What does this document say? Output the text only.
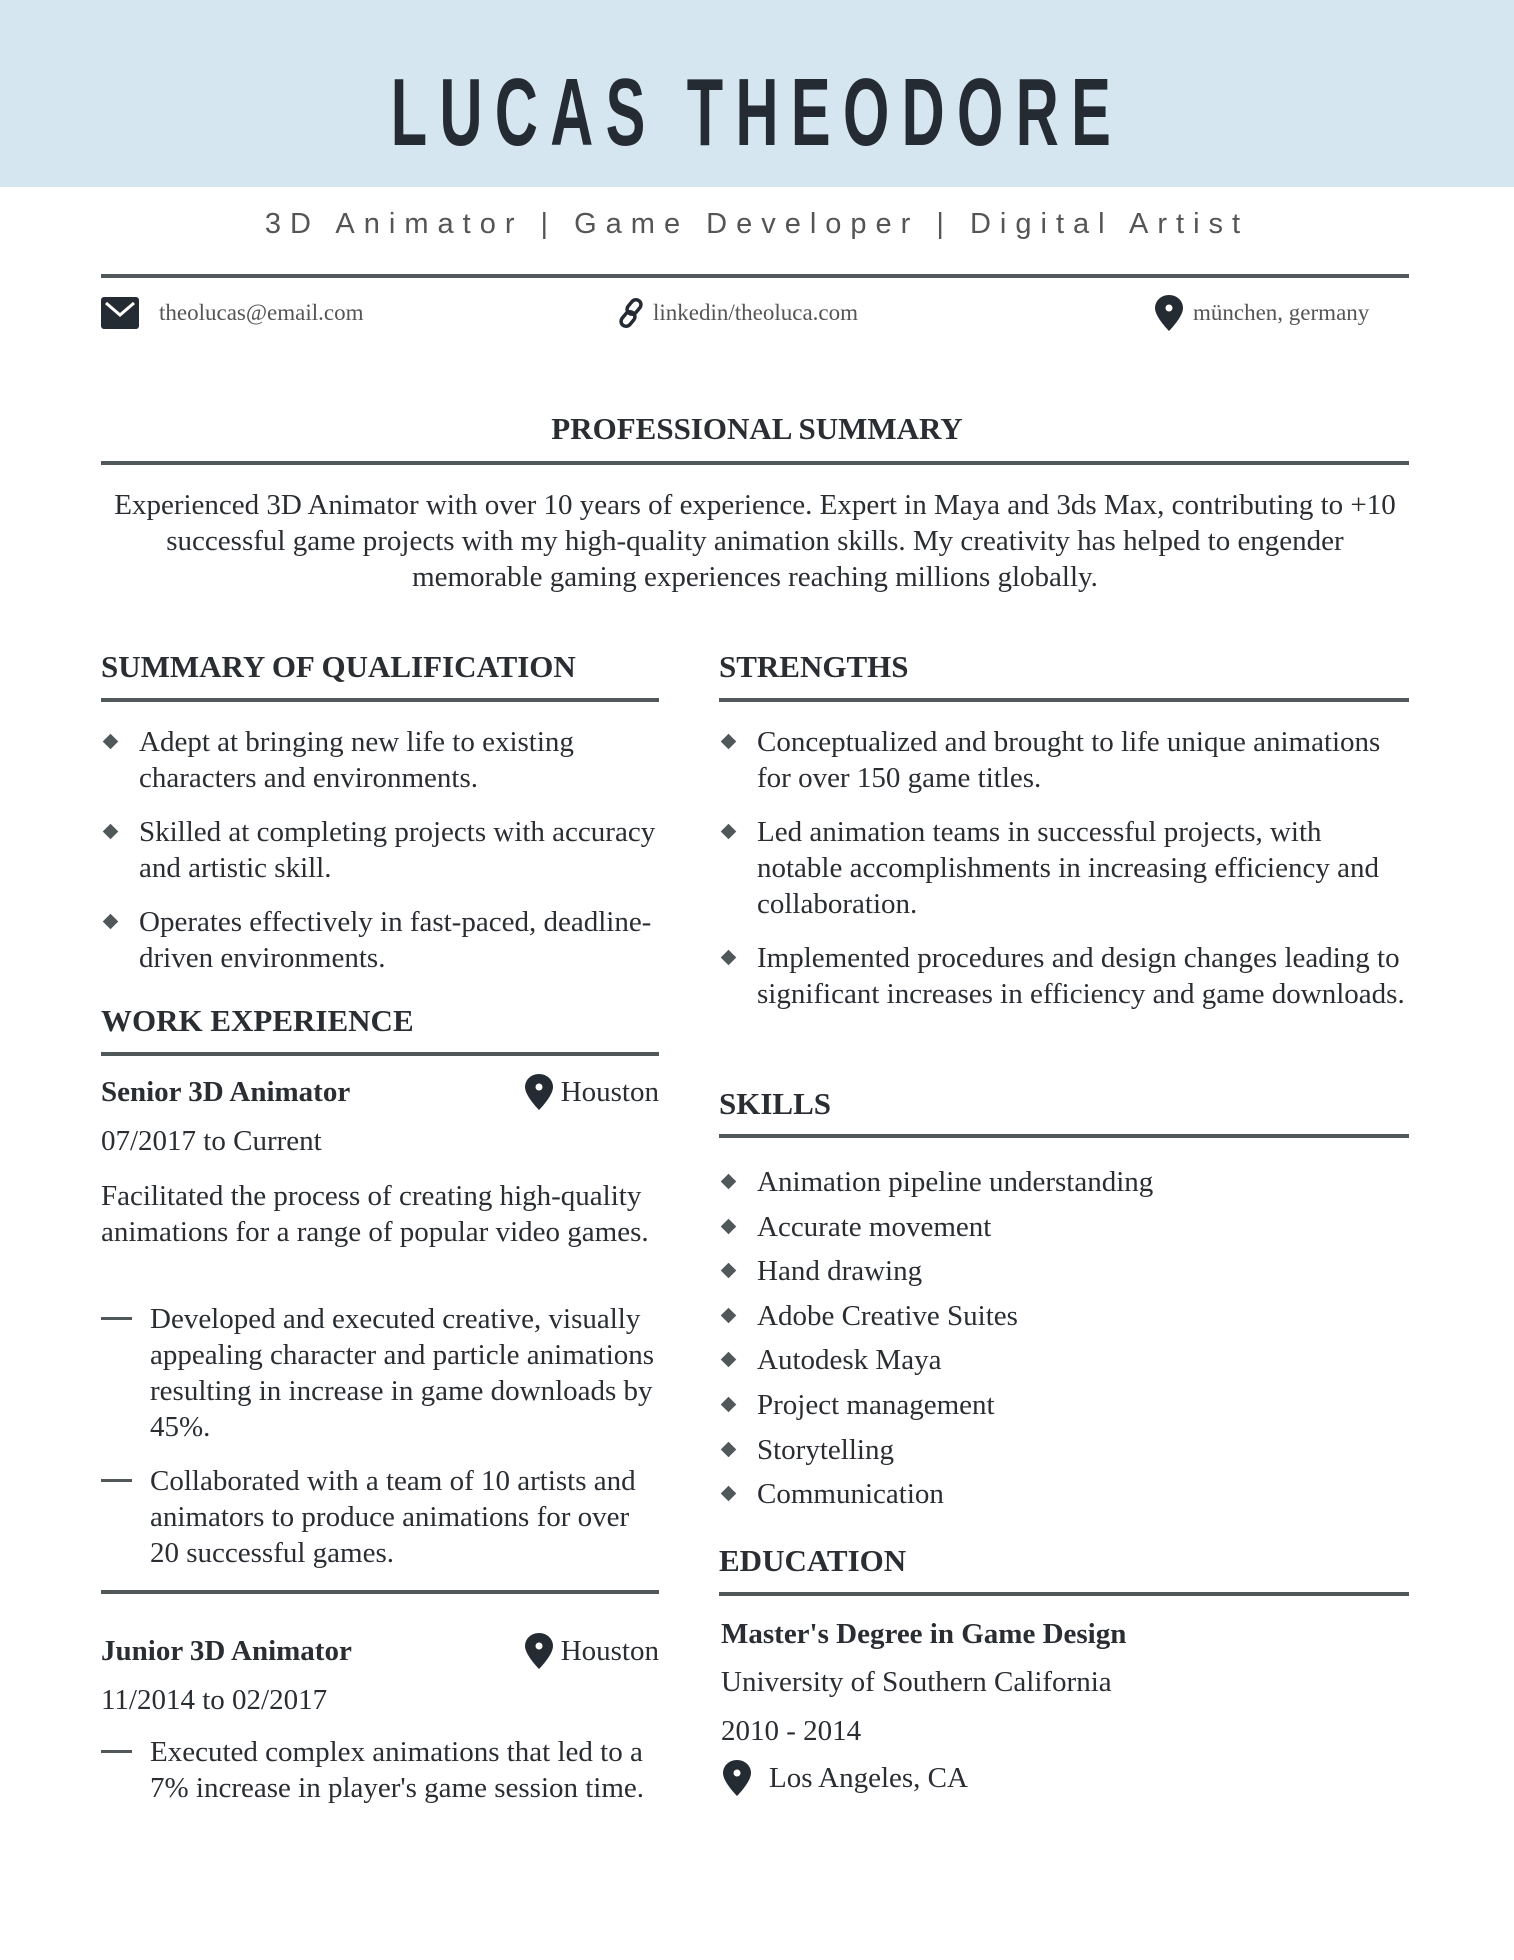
LUCAS THEODORE
3D Animator | Game Developer | Digital Artist
theolucas@email.com	linkedin/theoluca.com	münchen, germany
PROFESSIONAL SUMMARY
Experienced 3D Animator with over 10 years of experience. Expert in Maya and 3ds Max, contributing to +10 successful game projects with my high-quality animation skills. My creativity has helped to engender memorable gaming experiences reaching millions globally.
SUMMARY OF QUALIFICATION
Adept at bringing new life to existing characters and environments.
Skilled at completing projects with accuracy and artistic skill.
Operates effectively in fast-paced, deadline-driven environments.
WORK EXPERIENCE
Senior 3D Animator	Houston
07/2017 to Current
Facilitated the process of creating high-quality animations for a range of popular video games.
Developed and executed creative, visually appealing character and particle animations resulting in increase in game downloads by 45%.
Collaborated with a team of 10 artists and animators to produce animations for over 20 successful games.
Junior 3D Animator	Houston
11/2014 to 02/2017
Executed complex animations that led to a 7% increase in player's game session time.
STRENGTHS
Conceptualized and brought to life unique animations for over 150 game titles.
Led animation teams in successful projects, with notable accomplishments in increasing efficiency and collaboration.
Implemented procedures and design changes leading to significant increases in efficiency and game downloads.
SKILLS
Animation pipeline understanding
Accurate movement
Hand drawing
Adobe Creative Suites
Autodesk Maya
Project management
Storytelling
Communication
EDUCATION
Master's Degree in Game Design
University of Southern California
2010 - 2014
Los Angeles, CA
